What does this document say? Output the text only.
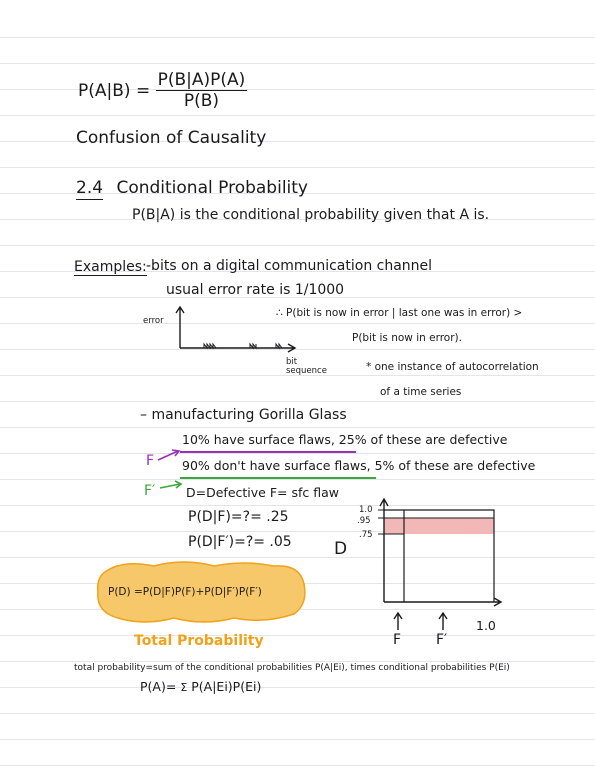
$P(A|B) = \frac{P(B|A)P(A)}{P(B)}$
Confusion of Causality
2.4 Conditional Probability
P(B|A) is the conditional probability given that A is.
Examples: -bits on a digital communication channel
usual error rate is 1/1000
error
bit sequence
∴ P(bit is now in error | last one was in error) >
P(bit is now in error).
* one instance of autocorrelation
of a time series
– manufacturing Gorilla Glass
10% have surface flaws, 25% of these are defective
90% don't have surface flaws, 5% of these are defective
F
F′ D=Defective F= sfc flaw
P(D|F)=?= .25
P(D|F′)=?= .05
P(D) =P(D|F)P(F)+P(D|F′)P(F′)
Total Probability
D
1.0
.95
.75
1.0
F F′
total probability=sum of the conditional probabilities P(A|Ei), times conditional probabilities P(Ei)
P(A)= Σ P(A|Ei)P(Ei)
